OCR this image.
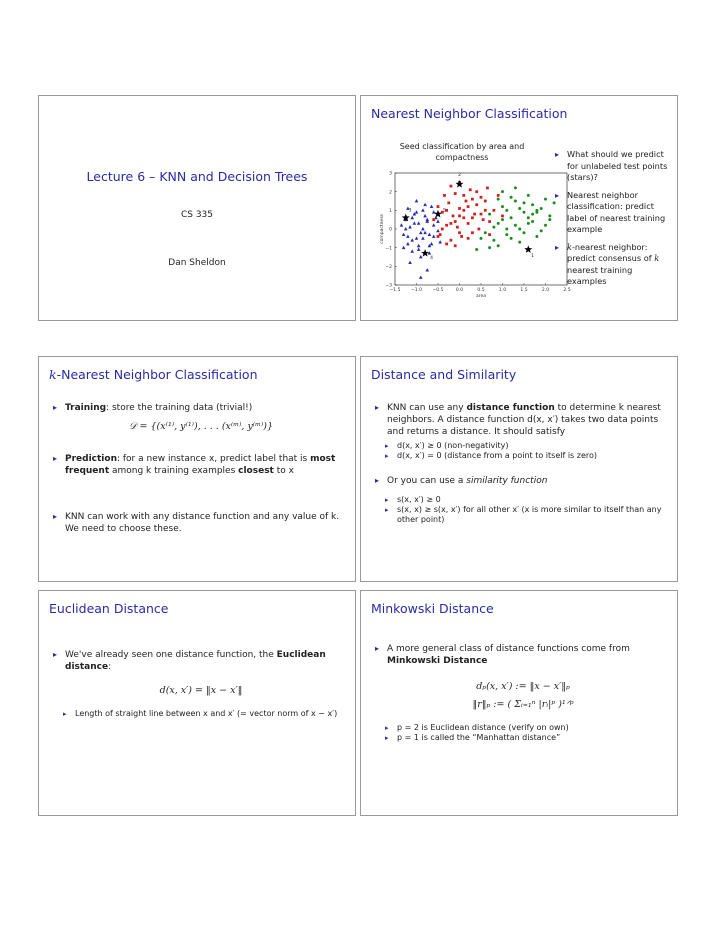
Lecture 6 – KNN and Decision Trees
CS 335
Dan Sheldon
Nearest Neighbor Classification
Seed classification by area and
compactness
−1.5 −1.0 −0.5	0.0	0.5	1.0	1.5	2.0	2.5
−3
−2
−1
0
1
2
3
area
compactness
2
3
4	1
5
▸ What should we predict for unlabeled test points (stars)?
▸ Nearest neighbor classification: predict label of nearest training example
▸ k-nearest neighbor: predict consensus of k nearest training examples
k-Nearest Neighbor Classification
▸ Training: store the training data (trivial!)
𝒟 = {(x⁽¹⁾, y⁽¹⁾), . . . (x⁽ᵐ⁾, y⁽ᵐ⁾)}
▸ Prediction: for a new instance x, predict label that is most frequent among k training examples closest to x
▸ KNN can work with any distance function and any value of k. We need to choose these.
Distance and Similarity
▸ KNN can use any distance function to determine k nearest neighbors. A distance function d(x, x′) takes two data points and returns a distance. It should satisfy
▸ d(x, x′) ≥ 0 (non-negativity)
▸ d(x, x′) = 0 (distance from a point to itself is zero)
▸ Or you can use a similarity function
▸ s(x, x′) ≥ 0
▸ s(x, x) ≥ s(x, x′) for all other x′ (x is more similar to itself than any other point)
Euclidean Distance
▸ We've already seen one distance function, the Euclidean distance:
d(x, x′) = ‖x − x′‖
▸ Length of straight line between x and x′ (= vector norm of x − x′)
Minkowski Distance
▸ A more general class of distance functions come from Minkowski Distance
dₚ(x, x′) := ‖x − x′‖ₚ
‖r‖ₚ := ( Σᵢ₌₁ⁿ |rᵢ|ᵖ )¹ᐟᵖ
▸ p = 2 is Euclidean distance (verify on own)
▸ p = 1 is called the “Manhattan distance”
